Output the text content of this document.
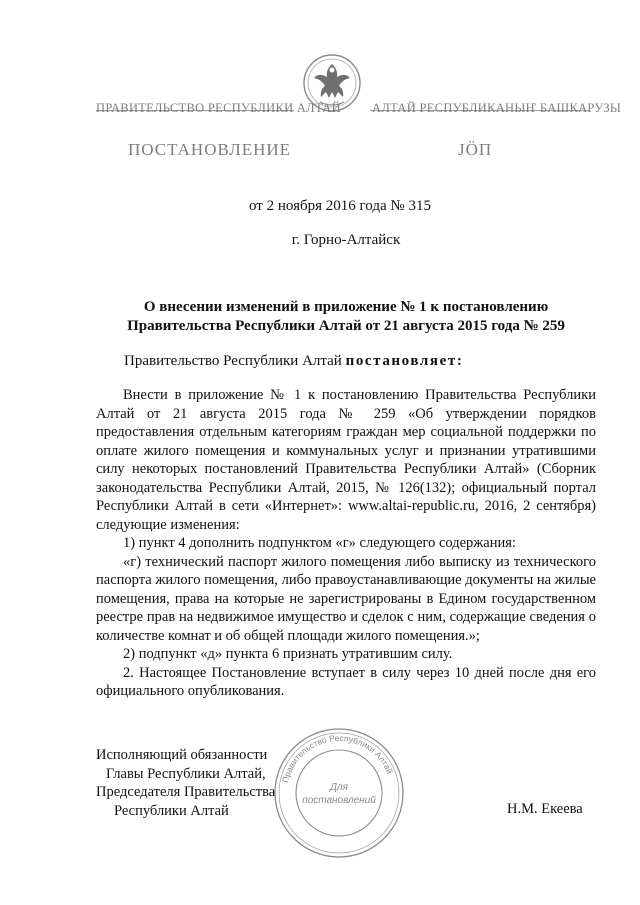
ПРАВИТЕЛЬСТВО РЕСПУБЛИКИ АЛТАЙ АЛТАЙ РЕСПУБЛИКАНЫҤ БАШКАРУЗЫ
ПОСТАНОВЛЕНИЕ	JÖП
от 2 ноября 2016 года № 315
г. Горно-Алтайск
О внесении изменений в приложение № 1 к постановлению
Правительства Республики Алтай от 21 августа 2015 года № 259
Правительство Республики Алтай постановляет:

Внести в приложение № 1 к постановлению Правительства Республики Алтай от 21 августа 2015 года № 259 «Об утверждении порядков предоставления отдельным категориям граждан мер социальной поддержки по оплате жилого помещения и коммунальных услуг и признании утратившими силу некоторых постановлений Правительства Республики Алтай» (Сборник законодательства Республики Алтай, 2015, № 126(132); официальный портал Республики Алтай в сети «Интернет»: www.altai-republic.ru, 2016, 2 сентября) следующие изменения:

1) пункт 4 дополнить подпунктом «г» следующего содержания:

«г) технический паспорт жилого помещения либо выписку из технического паспорта жилого помещения, либо правоустанавливающие документы на жилые помещения, права на которые не зарегистрированы в Едином государственном реестре прав на недвижимое имущество и сделок с ним, содержащие сведения о количестве комнат и об общей площади жилого помещения.»;

2) подпункт «д» пункта 6 признать утратившим силу.

2. Настоящее Постановление вступает в силу через 10 дней после дня его официального опубликования.

Исполняющий обязанности
Главы Республики Алтай,
Председателя Правительства
Республики Алтай	Н.М. Екеева
Правительство Республики Алтай
Для
постановлений
